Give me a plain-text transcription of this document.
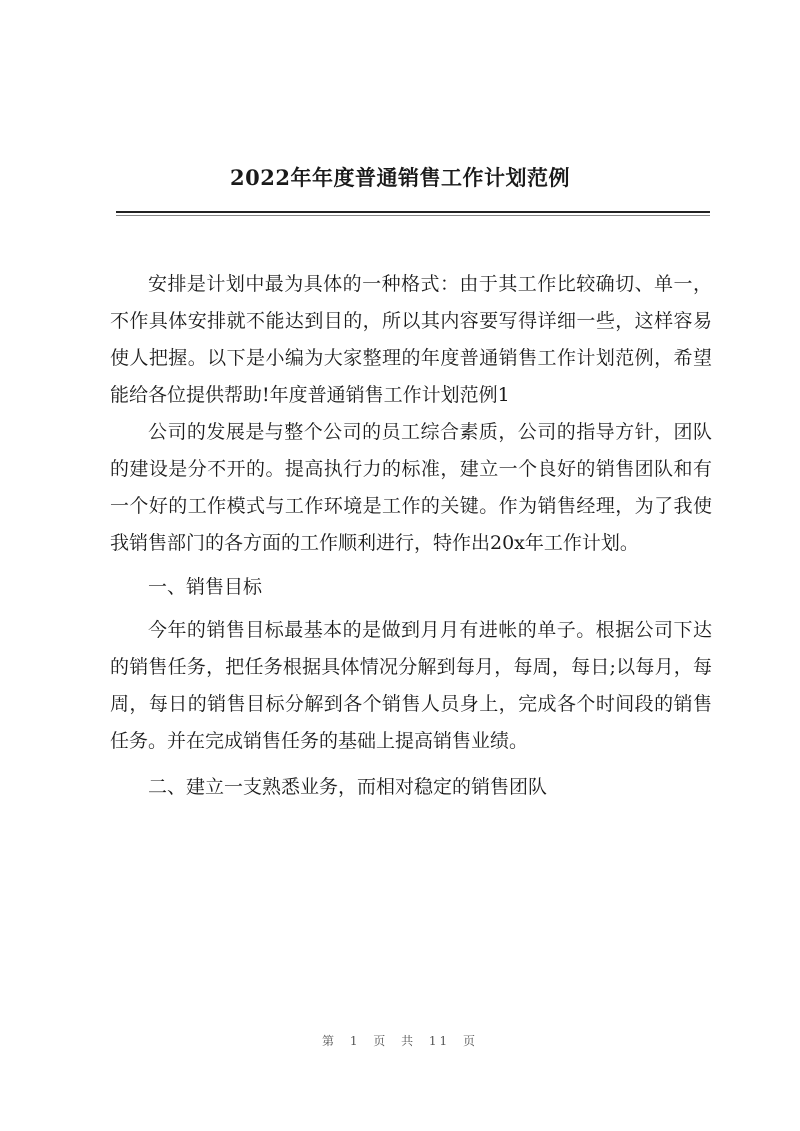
2022年年度普通销售工作计划范例

安排是计划中最为具体的一种格式：由于其工作比较确切、单一，不作具体安排就不能达到目的，所以其内容要写得详细一些，这样容易使人把握。以下是小编为大家整理的年度普通销售工作计划范例，希望能给各位提供帮助!年度普通销售工作计划范例1

公司的发展是与整个公司的员工综合素质，公司的指导方针，团队的建设是分不开的。提高执行力的标准，建立一个良好的销售团队和有一个好的工作模式与工作环境是工作的关键。作为销售经理，为了我使我销售部门的各方面的工作顺利进行，特作出20x年工作计划。

一、销售目标

今年的销售目标最基本的是做到月月有进帐的单子。根据公司下达的销售任务，把任务根据具体情况分解到每月，每周，每日;以每月，每周，每日的销售目标分解到各个销售人员身上，完成各个时间段的销售任务。并在完成销售任务的基础上提高销售业绩。

二、建立一支熟悉业务，而相对稳定的销售团队

第 1 页 共 11 页
